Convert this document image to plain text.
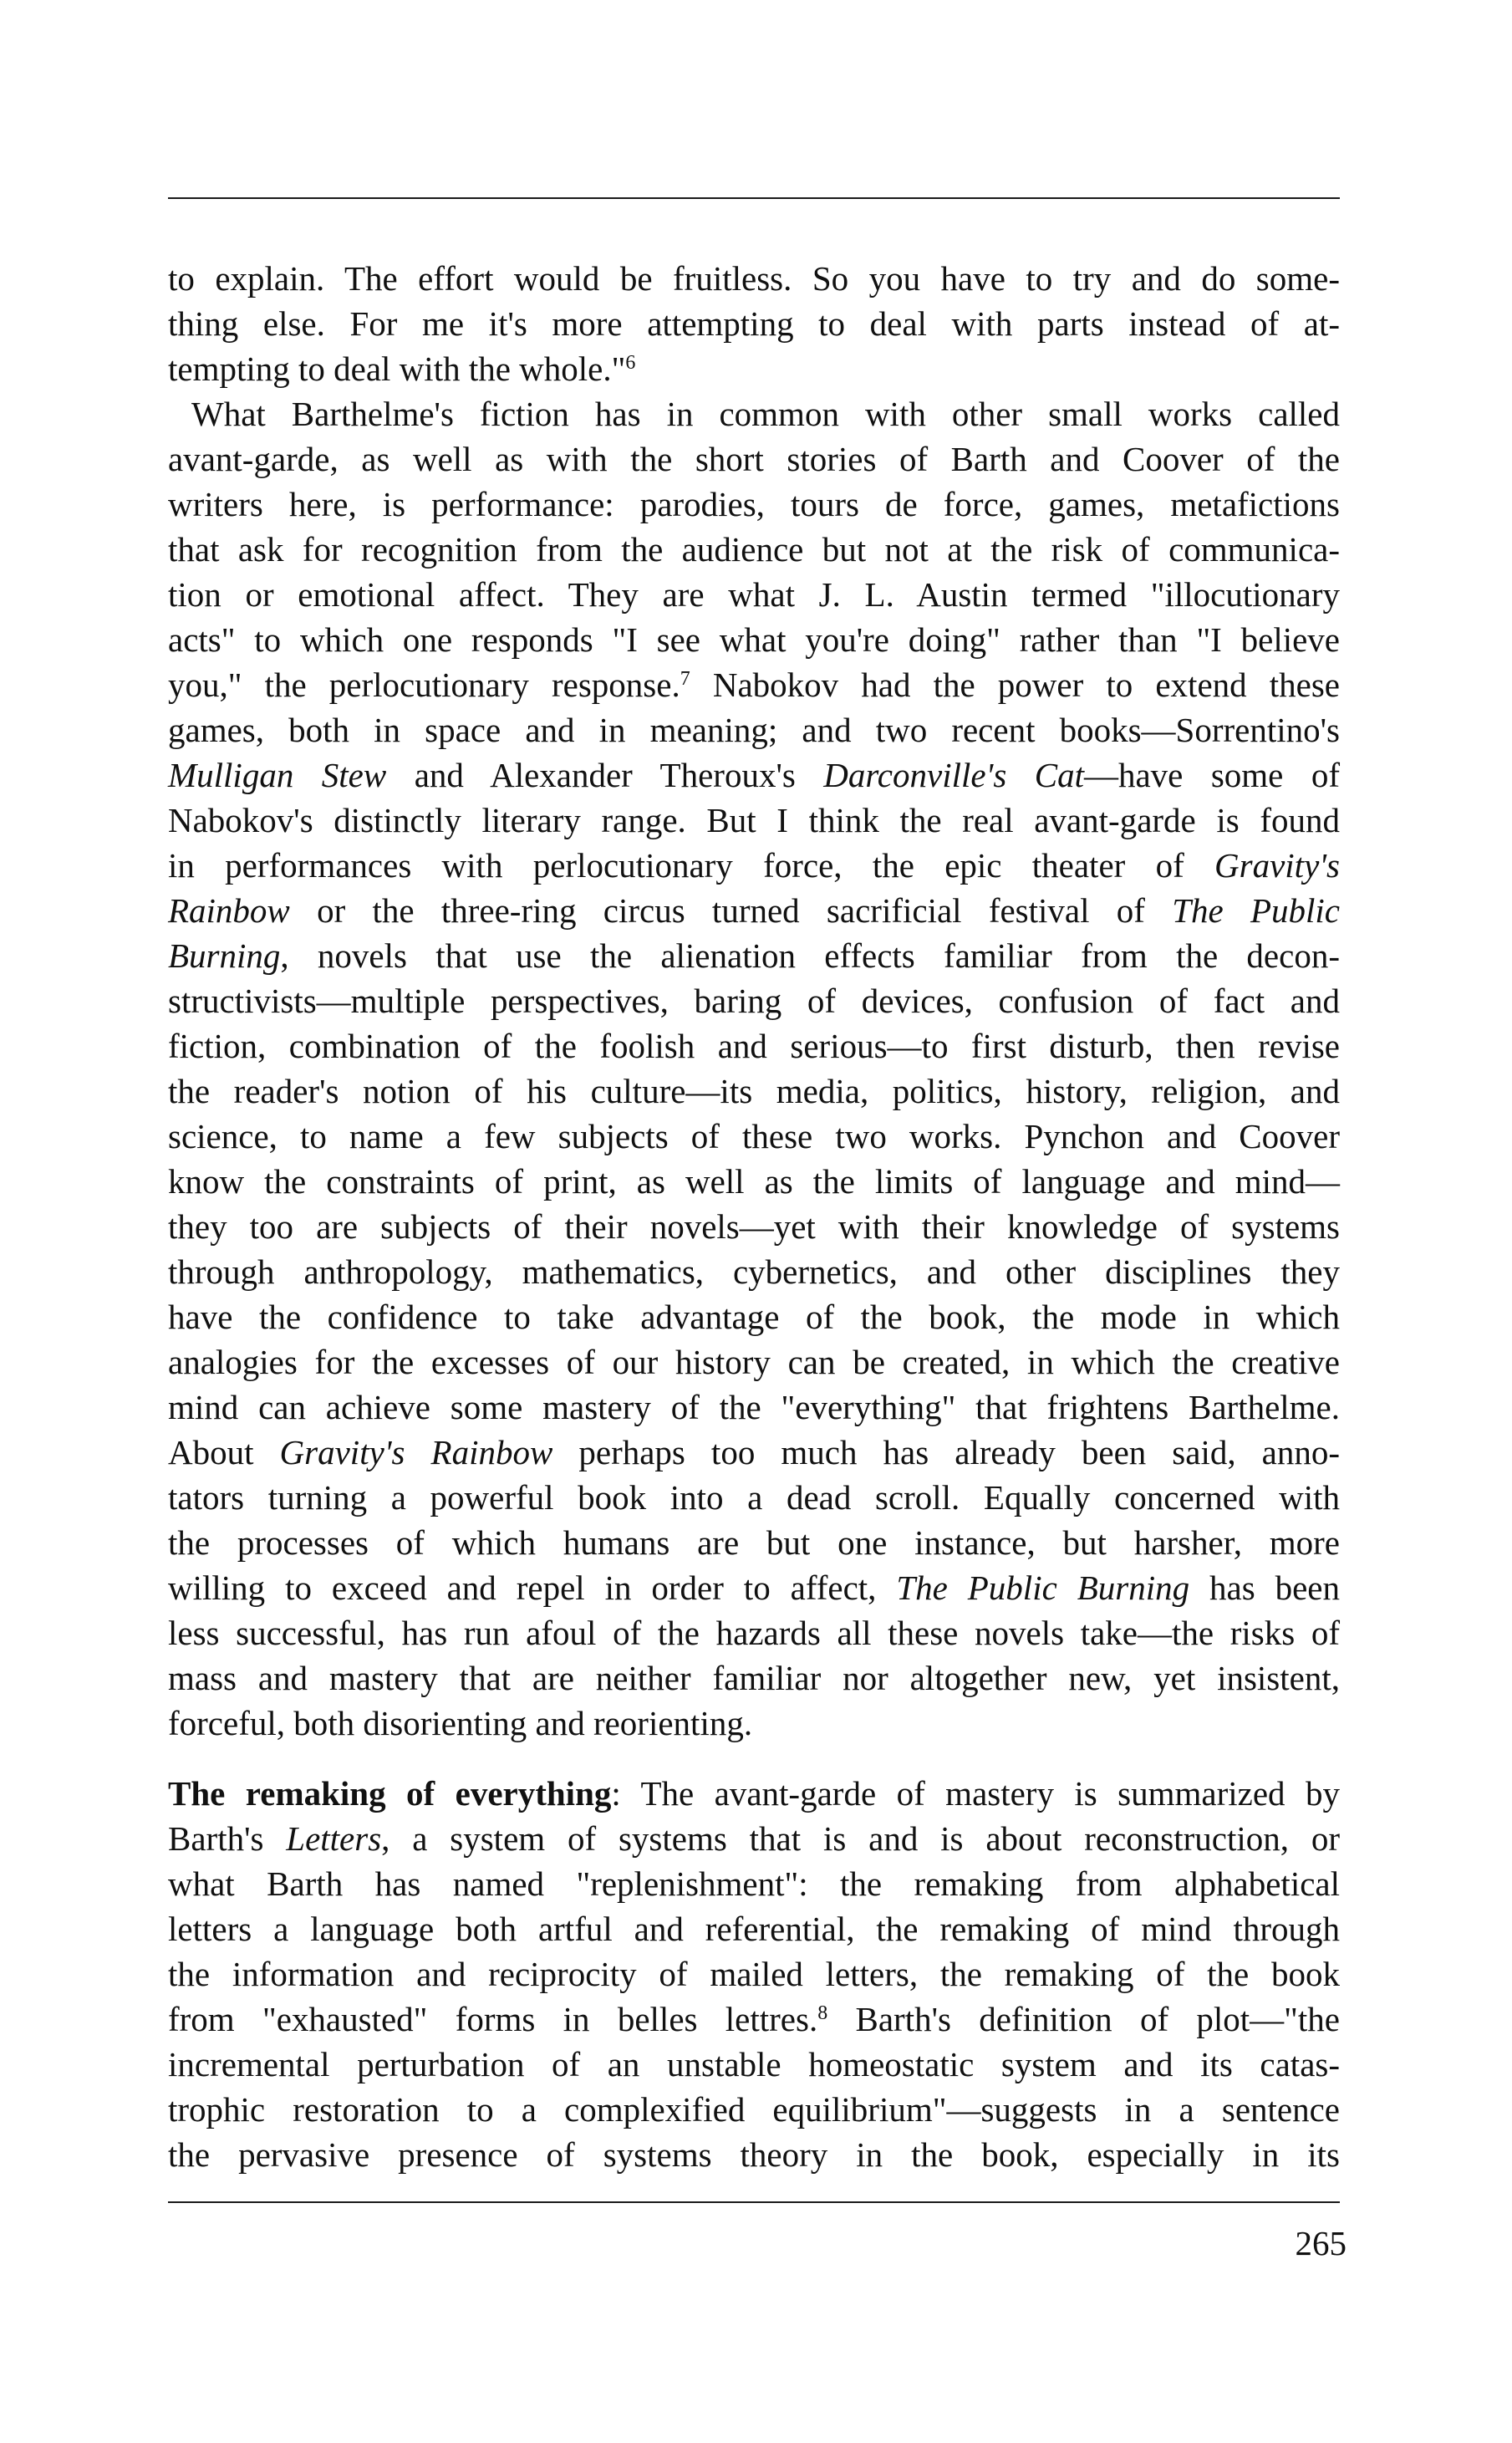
to explain. The effort would be fruitless. So you have to try and do some-
thing else. For me it's more attempting to deal with parts instead of at-
tempting to deal with the whole."$^6$
What Barthelme's fiction has in common with other small works called
avant-garde, as well as with the short stories of Barth and Coover of the
writers here, is performance: parodies, tours de force, games, metafictions
that ask for recognition from the audience but not at the risk of communica-
tion or emotional affect. They are what J. L. Austin termed "illocutionary
acts" to which one responds "I see what you're doing" rather than "I believe
you," the perlocutionary response.$^7$ Nabokov had the power to extend these
games, both in space and in meaning; and two recent books—Sorrentino's
Mulligan Stew and Alexander Theroux's Darconville's Cat—have some of
Nabokov's distinctly literary range. But I think the real avant-garde is found
in performances with perlocutionary force, the epic theater of Gravity's
Rainbow or the three-ring circus turned sacrificial festival of The Public
Burning, novels that use the alienation effects familiar from the decon-
structivists—multiple perspectives, baring of devices, confusion of fact and
fiction, combination of the foolish and serious—to first disturb, then revise
the reader's notion of his culture—its media, politics, history, religion, and
science, to name a few subjects of these two works. Pynchon and Coover
know the constraints of print, as well as the limits of language and mind—
they too are subjects of their novels—yet with their knowledge of systems
through anthropology, mathematics, cybernetics, and other disciplines they
have the confidence to take advantage of the book, the mode in which
analogies for the excesses of our history can be created, in which the creative
mind can achieve some mastery of the "everything" that frightens Barthelme.
About Gravity's Rainbow perhaps too much has already been said, anno-
tators turning a powerful book into a dead scroll. Equally concerned with
the processes of which humans are but one instance, but harsher, more
willing to exceed and repel in order to affect, The Public Burning has been
less successful, has run afoul of the hazards all these novels take—the risks of
mass and mastery that are neither familiar nor altogether new, yet insistent,
forceful, both disorienting and reorienting.
The remaking of everything: The avant-garde of mastery is summarized by
Barth's Letters, a system of systems that is and is about reconstruction, or
what Barth has named "replenishment": the remaking from alphabetical
letters a language both artful and referential, the remaking of mind through
the information and reciprocity of mailed letters, the remaking of the book
from "exhausted" forms in belles lettres.$^8$ Barth's definition of plot—"the
incremental perturbation of an unstable homeostatic system and its catas-
trophic restoration to a complexified equilibrium"—suggests in a sentence
the pervasive presence of systems theory in the book, especially in its
265
